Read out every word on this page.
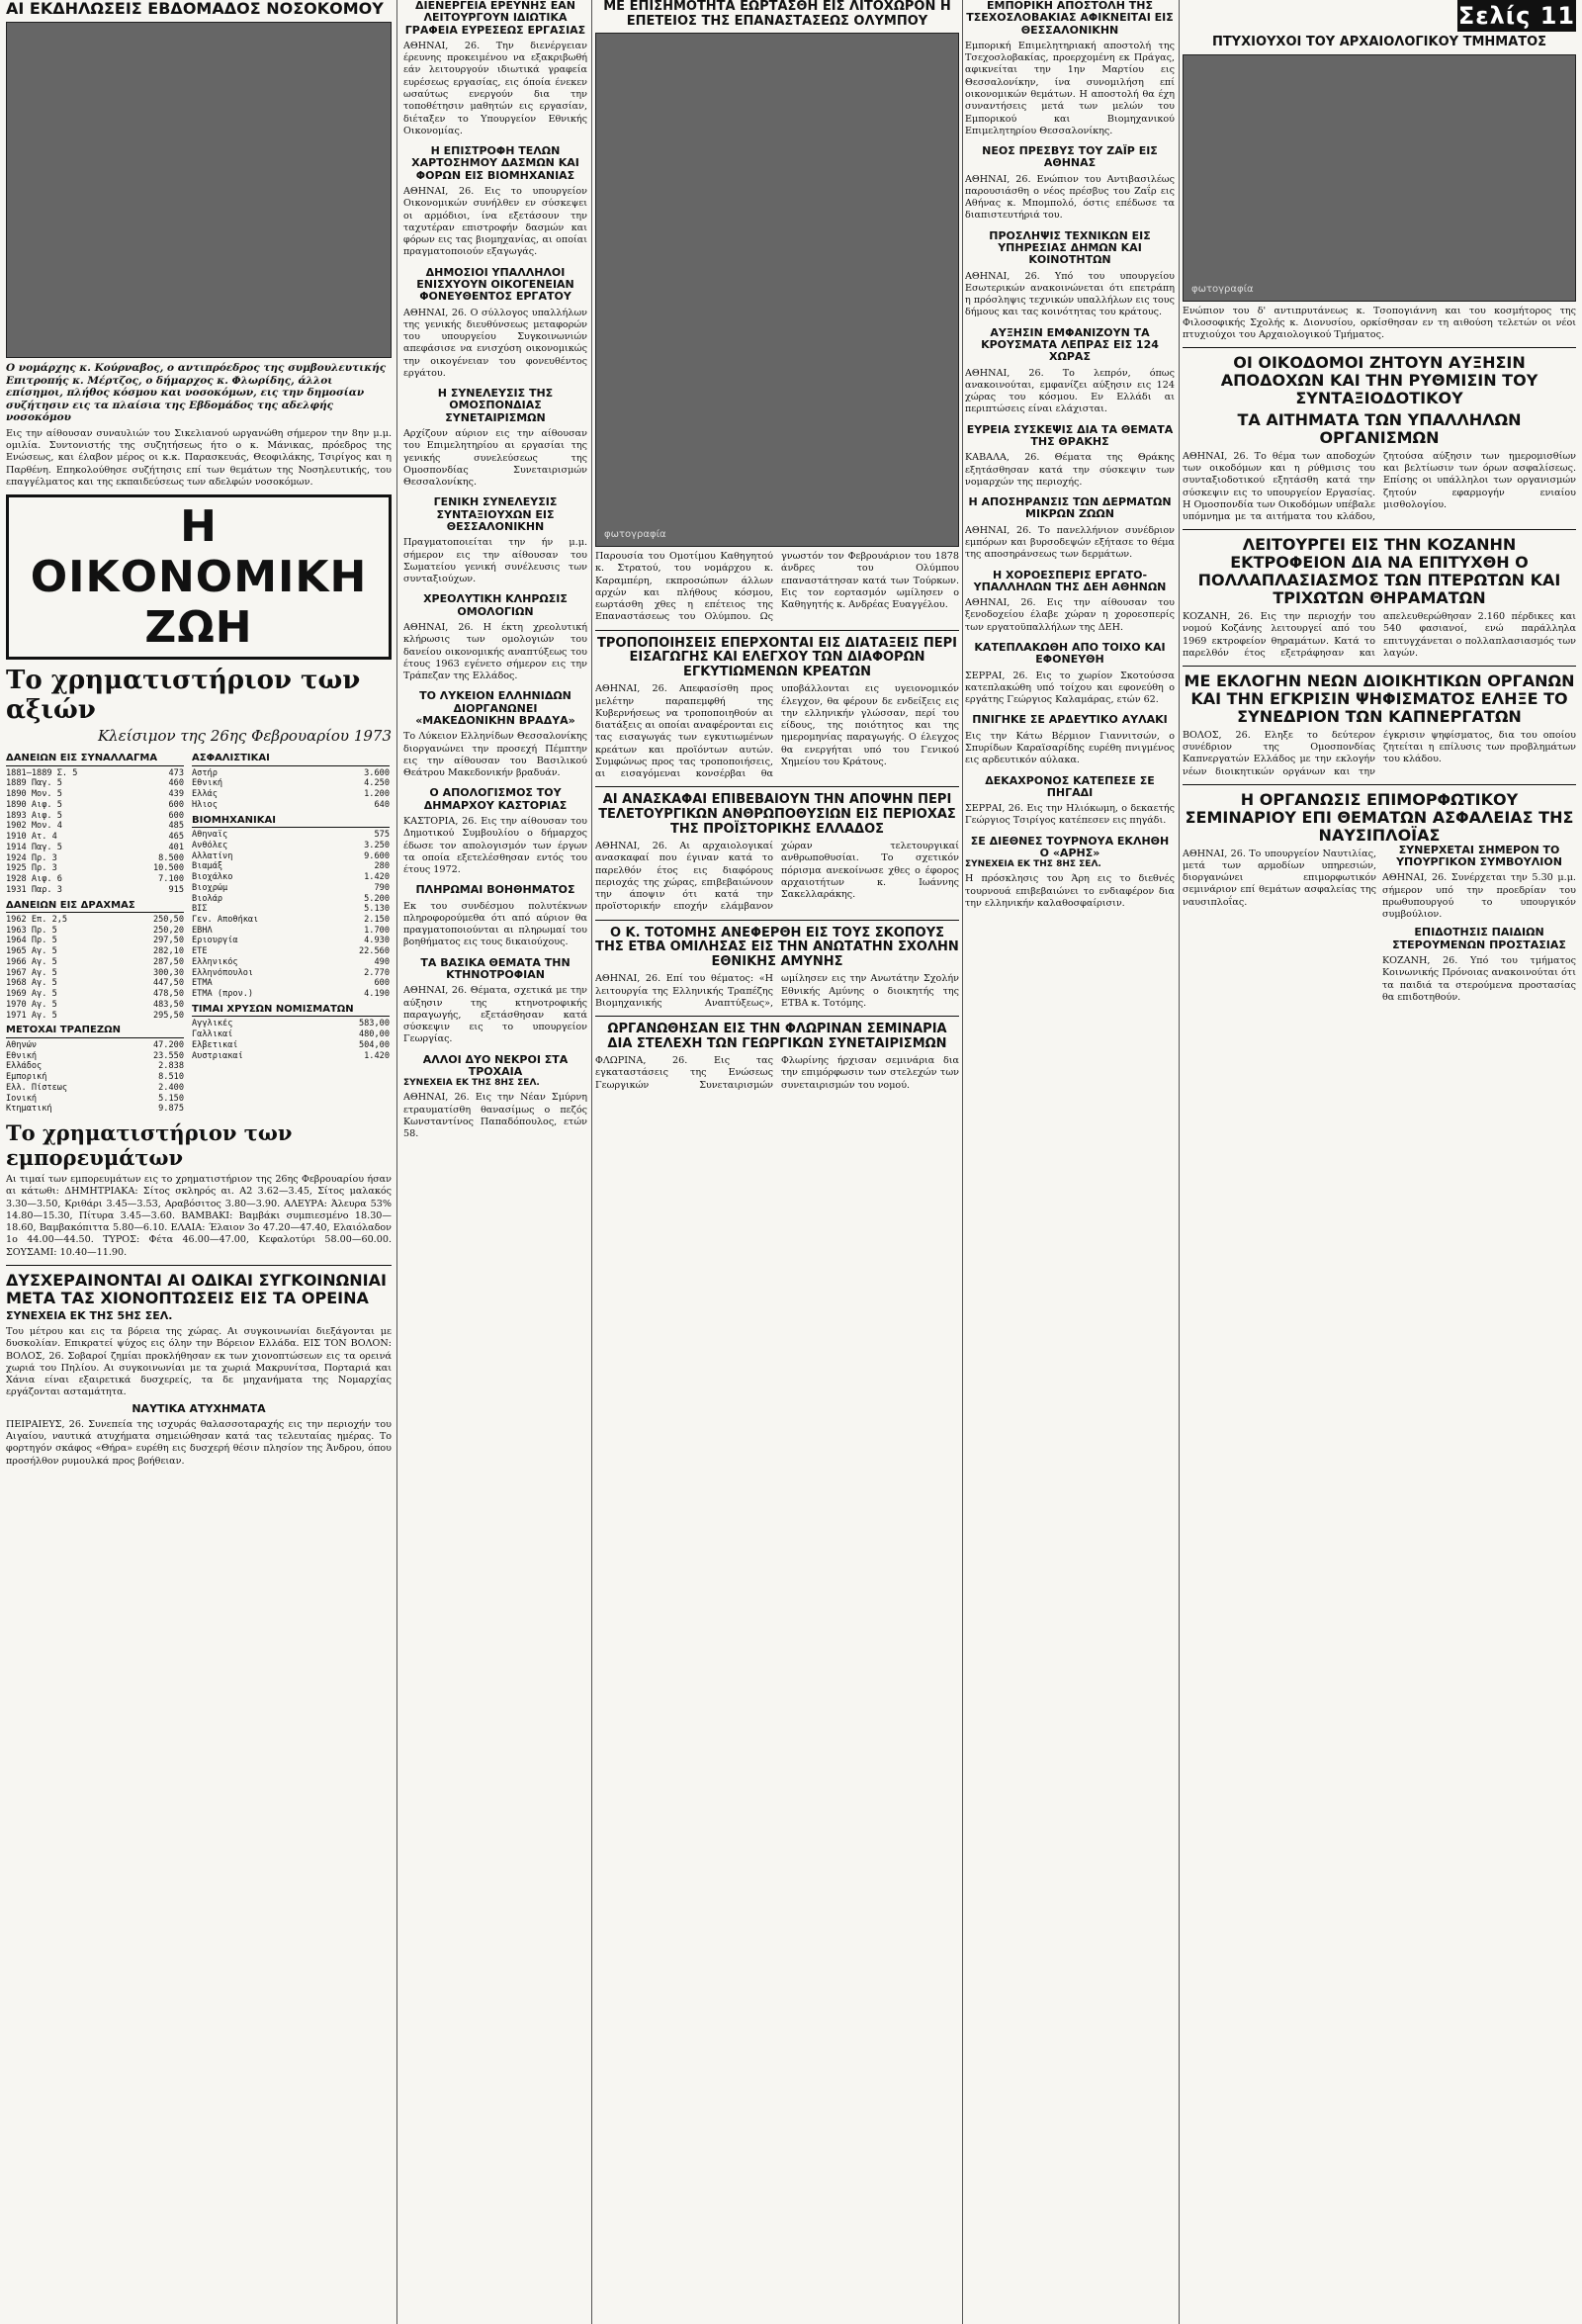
ΑΙ ΕΚΔΗΛΩΣΕΙΣ ΕΒΔΟΜΑΔΟΣ ΝΟΣΟΚΟΜΟΥ
Ο νομάρχης κ. Κούρναβος, ο αντιπρόεδρος της συμβουλευτικής Επιτροπής κ. Μέρτζος, ο δήμαρχος κ. Φλωρίδης, άλλοι επίσημοι, πλήθος κόσμου και νοσοκόμων, εις την δημοσίαν συζήτησιν εις τα πλαίσια της Εβδομάδος της αδελφής νοσοκόμου
Εις την αίθουσαν συναυλιών του Σικελιανού ωργανώθη σήμερον την 8ην μ.μ. ομιλία. Συντονιστής της συζητήσεως ήτο ο κ. Μάνικας, πρόεδρος της Ενώσεως, και έλαβον μέρος οι κ.κ. Παρασκευάς, Θεοφιλάκης, Τσιρίγος και η Παρθένη. Επηκολούθησε συζήτησις επί των θεμάτων της Νοσηλευτικής, του επαγγέλματος και της εκπαιδεύσεως των αδελφών νοσοκόμων.
Η ΟΙΚΟΝΟΜΙΚΗ ΖΩΗ
Το χρηματιστήριον των αξιών
Κλείσιμον της 26ης Φεβρουαρίου 1973
ΔΑΝΕΙΩΝ ΕΙΣ ΣΥΝΑΛΛΑΓΜΑ
1881—1889 Σ. 5	473
1889 Παγ. 5	460
1890 Μον. 5	439
1890 Αιφ. 5	600
1893 Αιφ. 5	600
1902 Μον. 4	485
1910 Ατ. 4	465
1914 Παγ. 5	401
1924 Πρ. 3	8.500
1925 Πρ. 3	10.500
1928 Αιφ. 6	7.100
1931 Παρ. 3	915
ΔΑΝΕΙΩΝ ΕΙΣ ΔΡΑΧΜΑΣ
1962 Επ. 2,5	250,50
1963 Πρ. 5	250,20
1964 Πρ. 5	297,50
1965 Αγ. 5	282,10
1966 Αγ. 5	287,50
1967 Αγ. 5	300,30
1968 Αγ. 5	447,50
1969 Αγ. 5	478,50
1970 Αγ. 5	483,50
1971 Αγ. 5	295,50
ΜΕΤΟΧΑΙ ΤΡΑΠΕΖΩΝ
Αθηνών	47.200
Εθνική	23.550
Ελλάδος	2.838
Εμπορική	8.510
Ελλ. Πίστεως	2.400
Ιονική	5.150
Κτηματική	9.875
ΑΣΦΑΛΙΣΤΙΚΑΙ
Αστήρ	3.600
Εθνική	4.250
Ελλάς	1.200
Ήλιος	640
ΒΙΟΜΗΧΑΝΙΚΑΙ
Αθηναϊς	575
Ανθόλες	3.250
Αλλατίνη	9.600
Βιαμάξ	280
Βιοχάλκο	1.420
Βιοχρώμ	790
Βιολάρ	5.200
ΒΙΣ	5.130
Γεν. Αποθήκαι	2.150
ΕΒΗΛ	1.700
Εριουργία	4.930
ΕΤΕ	22.560
Ελληνικός	490
Ελληνόπουλοι	2.770
ΕΤΜΑ	600
ΕΤΜΑ (προν.)	4.190
ΤΙΜΑΙ ΧΡΥΣΩΝ ΝΟΜΙΣΜΑΤΩΝ
Αγγλικές	583,00
Γαλλικαί	480,00
Ελβετικαί	504,00
Αυστριακαί	1.420
Το χρηματιστήριον των εμπορευμάτων
Αι τιμαί των εμπορευμάτων εις το χρηματιστήριον της 26ης Φεβρουαρίου ήσαν αι κάτωθι: ΔΗΜΗΤΡΙΑΚΑ: Σίτος σκληρός αι. Α2 3.62—3.45, Σίτος μαλακός 3.30—3.50, Κριθάρι 3.45—3.53, Αραβόσιτος 3.80—3.90. ΑΛΕΥΡΑ: Άλευρα 53% 14.80—15.30, Πίτυρα 3.45—3.60. ΒΑΜΒΑΚΙ: Βαμβάκι συμπιεσμένο 18.30—18.60, Βαμβακόπιττα 5.80—6.10. ΕΛΑΙΑ: Έλαιον 3ο 47.20—47.40, Ελαιόλαδον 1ο 44.00—44.50. ΤΥΡΟΣ: Φέτα 46.00—47.00, Κεφαλοτύρι 58.00—60.00. ΣΟΥΣΑΜΙ: 10.40—11.90.
ΔΥΣΧΕΡΑΙΝΟΝΤΑΙ ΑΙ ΟΔΙΚΑΙ ΣΥΓΚΟΙΝΩΝΙΑΙ ΜΕΤΑ ΤΑΣ ΧΙΟΝΟΠΤΩΣΕΙΣ ΕΙΣ ΤΑ ΟΡΕΙΝΑ
ΣΥΝΕΧΕΙΑ ΕΚ ΤΗΣ 5ΗΣ ΣΕΛ.
Του μέτρου και εις τα βόρεια της χώρας. Αι συγκοινωνίαι διεξάγονται με δυσκολίαν. Επικρατεί ψύχος εις όλην την Βόρειον Ελλάδα. ΕΙΣ ΤΟΝ ΒΟΛΟΝ: ΒΟΛΟΣ, 26. Σοβαροί ζημίαι προκλήθησαν εκ των χιονοπτώσεων εις τα ορεινά χωριά του Πηλίου. Αι συγκοινωνίαι με τα χωριά Μακρυνίτσα, Πορταριά και Χάνια είναι εξαιρετικά δυσχερείς, τα δε μηχανήματα της Νομαρχίας εργάζονται ασταμάτητα.
ΝΑΥΤΙΚΑ ΑΤΥΧΗΜΑΤΑ
ΠΕΙΡΑΙΕΥΣ, 26. Συνεπεία της ισχυράς θαλασσοταραχής εις την περιοχήν του Αιγαίου, ναυτικά ατυχήματα σημειώθησαν κατά τας τελευταίας ημέρας. Το φορτηγόν σκάφος «Θήρα» ευρέθη εις δυσχερή θέσιν πλησίον της Άνδρου, όπου προσήλθον ρυμουλκά προς βοήθειαν.
ΔΙΕΝΕΡΓΕΙΑ ΕΡΕΥΝΗΣ ΕΑΝ ΛΕΙΤΟΥΡΓΟΥΝ ΙΔΙΩΤΙΚΑ ΓΡΑΦΕΙΑ ΕΥΡΕΣΕΩΣ ΕΡΓΑΣΙΑΣ
ΑΘΗΝΑΙ, 26. Την διενέργειαν έρευνης προκειμένου να εξακριβωθή εάν λειτουργούν ιδιωτικά γραφεία ευρέσεως εργασίας, εις όποία ένεκεν ωσαύτως ενεργούν δια την τοποθέτησιν μαθητών εις εργασίαν, διέταξεν το Υπουργείον Εθνικής Οικονομίας.
Η ΕΠΙΣΤΡΟΦΗ ΤΕΛΩΝ ΧΑΡΤΟΣΗΜΟΥ ΔΑΣΜΩΝ ΚΑΙ ΦΟΡΩΝ ΕΙΣ ΒΙΟΜΗΧΑΝΙΑΣ
ΑΘΗΝΑΙ, 26. Εις το υπουργείον Οικονομικών συνήλθεν εν σύσκεψει οι αρμόδιοι, ίνα εξετάσουν την ταχυτέραν επιστροφήν δασμών και φόρων εις τας βιομηχανίας, αι οποίαι πραγματοποιούν εξαγωγάς.
ΔΗΜΟΣΙΟΙ ΥΠΑΛΛΗΛΟΙ ΕΝΙΣΧΥΟΥΝ ΟΙΚΟΓΕΝΕΙΑΝ ΦΟΝΕΥΘΕΝΤΟΣ ΕΡΓΑΤΟΥ
ΑΘΗΝΑΙ, 26. Ο σύλλογος υπαλλήλων της γενικής διευθύνσεως μεταφορών του υπουργείου Συγκοινωνιών απεφάσισε να ενισχύση οικονομικώς την οικογένειαν του φονευθέντος εργάτου.
Η ΣΥΝΕΛΕΥΣΙΣ ΤΗΣ ΟΜΟΣΠΟΝΔΙΑΣ ΣΥΝΕΤΑΙΡΙΣΜΩΝ
Αρχίζουν αύριον εις την αίθουσαν του Επιμελητηρίου αι εργασίαι της γενικής συνελεύσεως της Ομοσπονδίας Συνεταιρισμών Θεσσαλονίκης.
ΓΕΝΙΚΗ ΣΥΝΕΛΕΥΣΙΣ ΣΥΝΤΑΞΙΟΥΧΩΝ ΕΙΣ ΘΕΣΣΑΛΟΝΙΚΗΝ
Πραγματοποιείται την ήν μ.μ. σήμερον εις την αίθουσαν του Σωματείου γενική συνέλευσις των συνταξιούχων.
ΧΡΕΟΛΥΤΙΚΗ ΚΛΗΡΩΣΙΣ ΟΜΟΛΟΓΙΩΝ
ΑΘΗΝΑΙ, 26. Η έκτη χρεολυτική κλήρωσις των ομολογιών του δανείου οικονομικής αναπτύξεως του έτους 1963 εγένετο σήμερον εις την Τράπεζαν της Ελλάδος.
ΤΟ ΛΥΚΕΙΟΝ ΕΛΛΗΝΙΔΩΝ ΔΙΟΡΓΑΝΩΝΕΙ «ΜΑΚΕΔΟΝΙΚΗΝ ΒΡΑΔΥΑ»
Το Λύκειον Ελληνίδων Θεσσαλονίκης διοργανώνει την προσεχή Πέμπτην εις την αίθουσαν του Βασιλικού Θεάτρου Μακεδονικήν βραδυάν.
Ο ΑΠΟΛΟΓΙΣΜΟΣ ΤΟΥ ΔΗΜΑΡΧΟΥ ΚΑΣΤΟΡΙΑΣ
ΚΑΣΤΟΡΙΑ, 26. Εις την αίθουσαν του Δημοτικού Συμβουλίου ο δήμαρχος έδωσε τον απολογισμόν των έργων τα οποία εξετελέσθησαν εντός του έτους 1972.
ΠΛΗΡΩΜΑΙ ΒΟΗΘΗΜΑΤΟΣ
Εκ του συνδέσμου πολυτέκνων πληροφορούμεθα ότι από αύριον θα πραγματοποιούνται αι πληρωμαί του βοηθήματος εις τους δικαιούχους.
ΤΑ ΒΑΣΙΚΑ ΘΕΜΑΤΑ ΤΗΝ ΚΤΗΝΟΤΡΟΦΙΑΝ
ΑΘΗΝΑΙ, 26. Θέματα, σχετικά με την αύξησιν της κτηνοτροφικής παραγωγής, εξετάσθησαν κατά σύσκεψιν εις το υπουργείον Γεωργίας.
ΑΛΛΟΙ ΔΥΟ ΝΕΚΡΟΙ ΣΤΑ ΤΡΟΧΑΙΑ
ΣΥΝΕΧΕΙΑ ΕΚ ΤΗΣ 8ΗΣ ΣΕΛ.
ΑΘΗΝΑΙ, 26. Εις την Νέαν Σμύρνη ετραυματίσθη θανασίμως ο πεζός Κωνσταντίνος Παπαδόπουλος, ετών 58.
ΜΕ ΕΠΙΣΗΜΟΤΗΤΑ ΕΩΡΤΑΣΘΗ ΕΙΣ ΛΙΤΟΧΩΡΟΝ Η ΕΠΕΤΕΙΟΣ ΤΗΣ ΕΠΑΝΑΣΤΑΣΕΩΣ ΟΛΥΜΠΟΥ
φωτογραφία
Παρουσία του Ομοτίμου Καθηγητού κ. Στρατού, του νομάρχου κ. Καραμπέρη, εκπροσώπων άλλων αρχών και πλήθους κόσμου, εωρτάσθη χθες η επέτειος της Επαναστάσεως του Ολύμπου. Ως γνωστόν τον Φεβρουάριον του 1878 άνδρες του Ολύμπου επαναστάτησαν κατά των Τούρκων. Εις τον εορτασμόν ωμίλησεν ο Καθηγητής κ. Ανδρέας Ευαγγέλου.
ΤΡΟΠΟΠΟΙΗΣΕΙΣ ΕΠΕΡΧΟΝΤΑΙ ΕΙΣ ΔΙΑΤΑΞΕΙΣ ΠΕΡΙ ΕΙΣΑΓΩΓΗΣ ΚΑΙ ΕΛΕΓΧΟΥ ΤΩΝ ΔΙΑΦΟΡΩΝ ΕΓΚΥΤΙΩΜΕΝΩΝ ΚΡΕΑΤΩΝ
ΑΘΗΝΑΙ, 26. Απεφασίσθη προς μελέτην παραπεμφθή της Κυβερνήσεως να τροποποιηθούν αι διατάξεις αι οποίαι αναφέρονται εις τας εισαγωγάς των εγκυτιωμένων κρεάτων και προϊόντων αυτών. Συμφώνως προς τας τροποποιήσεις, αι εισαγόμεναι κονσέρβαι θα υποβάλλονται εις υγειονομικόν έλεγχον, θα φέρουν δε ενδείξεις εις την ελληνικήν γλώσσαν, περί του είδους, της ποιότητος και της ημερομηνίας παραγωγής. Ο έλεγχος θα ενεργήται υπό του Γενικού Χημείου του Κράτους.
ΑΙ ΑΝΑΣΚΑΦΑΙ ΕΠΙΒΕΒΑΙΟΥΝ ΤΗΝ ΑΠΟΨΗΝ ΠΕΡΙ ΤΕΛΕΤΟΥΡΓΙΚΩΝ ΑΝΘΡΩΠΟΘΥΣΙΩΝ ΕΙΣ ΠΕΡΙΟΧΑΣ ΤΗΣ ΠΡΟΪΣΤΟΡΙΚΗΣ ΕΛΛΑΔΟΣ
ΑΘΗΝΑΙ, 26. Αι αρχαιολογικαί ανασκαφαί που έγιναν κατά το παρελθόν έτος εις διαφόρους περιοχάς της χώρας, επιβεβαιώνουν την άποψιν ότι κατά την προϊστορικήν εποχήν ελάμβανον χώραν τελετουργικαί ανθρωποθυσίαι. Το σχετικόν πόρισμα ανεκοίνωσε χθες ο έφορος αρχαιοτήτων κ. Ιωάννης Σακελλαράκης.
Ο Κ. ΤΟΤΟΜΗΣ ΑΝΕΦΕΡΘΗ ΕΙΣ ΤΟΥΣ ΣΚΟΠΟΥΣ ΤΗΣ ΕΤΒΑ ΟΜΙΛΗΣΑΣ ΕΙΣ ΤΗΝ ΑΝΩΤΑΤΗΝ ΣΧΟΛΗΝ ΕΘΝΙΚΗΣ ΑΜΥΝΗΣ
ΑΘΗΝΑΙ, 26. Επί του θέματος: «Η λειτουργία της Ελληνικής Τραπέζης Βιομηχανικής Αναπτύξεως», ωμίλησεν εις την Ανωτάτην Σχολήν Εθνικής Αμύνης ο διοικητής της ΕΤΒΑ κ. Τοτόμης.
ΩΡΓΑΝΩΘΗΣΑΝ ΕΙΣ ΤΗΝ ΦΛΩΡΙΝΑΝ ΣΕΜΙΝΑΡΙΑ ΔΙΑ ΣΤΕΛΕΧΗ ΤΩΝ ΓΕΩΡΓΙΚΩΝ ΣΥΝΕΤΑΙΡΙΣΜΩΝ
ΦΛΩΡΙΝΑ, 26. Εις τας εγκαταστάσεις της Ενώσεως Γεωργικών Συνεταιρισμών Φλωρίνης ήρχισαν σεμινάρια δια την επιμόρφωσιν των στελεχών των συνεταιρισμών του νομού.
ΕΜΠΟΡΙΚΗ ΑΠΟΣΤΟΛΗ ΤΗΣ ΤΣΕΧΟΣΛΟΒΑΚΙΑΣ ΑΦΙΚΝΕΙΤΑΙ ΕΙΣ ΘΕΣΣΑΛΟΝΙΚΗΝ
Εμπορική Επιμελητηριακή αποστολή της Τσεχοσλοβακίας, προερχομένη εκ Πράγας, αφικνείται την 1ην Μαρτίου εις Θεσσαλονίκην, ίνα συνομιλήση επί οικονομικών θεμάτων. Η αποστολή θα έχη συναντήσεις μετά των μελών του Εμπορικού και Βιομηχανικού Επιμελητηρίου Θεσσαλονίκης.
ΝΕΟΣ ΠΡΕΣΒΥΣ ΤΟΥ ΖΑΪΡ ΕΙΣ ΑΘΗΝΑΣ
ΑΘΗΝΑΙ, 26. Ενώπιον του Αντιβασιλέως παρουσιάσθη ο νέος πρέσβυς του Ζαΐρ εις Αθήνας κ. Μπομπολό, όστις επέδωσε τα διαπιστευτήριά του.
ΠΡΟΣΛΗΨΙΣ ΤΕΧΝΙΚΩΝ ΕΙΣ ΥΠΗΡΕΣΙΑΣ ΔΗΜΩΝ ΚΑΙ ΚΟΙΝΟΤΗΤΩΝ
ΑΘΗΝΑΙ, 26. Υπό του υπουργείου Εσωτερικών ανακοινώνεται ότι επετράπη η πρόσληψις τεχνικών υπαλλήλων εις τους δήμους και τας κοινότητας του κράτους.
ΑΥΞΗΣΙΝ ΕΜΦΑΝΙΖΟΥΝ ΤΑ ΚΡΟΥΣΜΑΤΑ ΛΕΠΡΑΣ ΕΙΣ 124 ΧΩΡΑΣ
ΑΘΗΝΑΙ, 26. Το λεπρόν, όπως ανακοινούται, εμφανίζει αύξησιν εις 124 χώρας του κόσμου. Εν Ελλάδι αι περιπτώσεις είναι ελάχισται.
ΕΥΡΕΙΑ ΣΥΣΚΕΨΙΣ ΔΙΑ ΤΑ ΘΕΜΑΤΑ ΤΗΣ ΘΡΑΚΗΣ
ΚΑΒΑΛΑ, 26. Θέματα της Θράκης εξητάσθησαν κατά την σύσκεψιν των νομαρχών της περιοχής.
Η ΑΠΟΣΗΡΑΝΣΙΣ ΤΩΝ ΔΕΡΜΑΤΩΝ ΜΙΚΡΩΝ ΖΩΩΝ
ΑΘΗΝΑΙ, 26. Το πανελλήνιον συνέδριον εμπόρων και βυρσοδεψών εξήτασε το θέμα της αποσηράνσεως των δερμάτων.
Η ΧΟΡΟΕΣΠΕΡΙΣ ΕΡΓΑΤΟ-ΥΠΑΛΛΗΛΩΝ ΤΗΣ ΔΕΗ ΑΘΗΝΩΝ
ΑΘΗΝΑΙ, 26. Εις την αίθουσαν του ξενοδοχείου έλαβε χώραν η χοροεσπερίς των εργατοϋπαλλήλων της ΔΕΗ.
ΚΑΤΕΠΛΑΚΩΘΗ ΑΠΟ ΤΟΙΧΟ ΚΑΙ ΕΦΟΝΕΥΘΗ
ΣΕΡΡΑΙ, 26. Εις το χωρίον Σκοτούσσα κατεπλακώθη υπό τοίχου και εφονεύθη ο εργάτης Γεώργιος Καλαμάρας, ετών 62.
ΠΝΙΓΗΚΕ ΣΕ ΑΡΔΕΥΤΙΚΟ ΑΥΛΑΚΙ
Εις την Κάτω Βέρμιον Γιαννιτσών, ο Σπυρίδων Καραϊσαρίδης ευρέθη πνιγμένος εις αρδευτικόν αύλακα.
ΔΕΚΑΧΡΟΝΟΣ ΚΑΤΕΠΕΣΕ ΣΕ ΠΗΓΑΔΙ
ΣΕΡΡΑΙ, 26. Εις την Ηλιόκωμη, ο δεκαετής Γεώργιος Τσιρίγος κατέπεσεν εις πηγάδι.
ΣΕ ΔΙΕΘΝΕΣ ΤΟΥΡΝΟΥΑ ΕΚΛΗΘΗ Ο «ΑΡΗΣ»
ΣΥΝΕΧΕΙΑ ΕΚ ΤΗΣ 8ΗΣ ΣΕΛ.
Η πρόσκλησις του Άρη εις το διεθνές τουρνουά επιβεβαιώνει το ενδιαφέρον δια την ελληνικήν καλαθοσφαίρισιν.
Σελίς 11
ΠΤΥΧΙΟΥΧΟΙ ΤΟΥ ΑΡΧΑΙΟΛΟΓΙΚΟΥ ΤΜΗΜΑΤΟΣ
φωτογραφία
Ενώπιον του δ' αντιπρυτάνεως κ. Τσοπογιάννη και του κοσμήτορος της Φιλοσοφικής Σχολής κ. Διονυσίου, ορκίσθησαν εν τη αιθούση τελετών οι νέοι πτυχιούχοι του Αρχαιολογικού Τμήματος.
ΟΙ ΟΙΚΟΔΟΜΟΙ ΖΗΤΟΥΝ ΑΥΞΗΣΙΝ ΑΠΟΔΟΧΩΝ ΚΑΙ ΤΗΝ ΡΥΘΜΙΣΙΝ ΤΟΥ ΣΥΝΤΑΞΙΟΔΟΤΙΚΟΥ
ΤΑ ΑΙΤΗΜΑΤΑ ΤΩΝ ΥΠΑΛΛΗΛΩΝ ΟΡΓΑΝΙΣΜΩΝ
ΑΘΗΝΑΙ, 26. Το θέμα των αποδοχών των οικοδόμων και η ρύθμισις του συνταξιοδοτικού εξητάσθη κατά την σύσκεψιν εις το υπουργείον Εργασίας. Η Ομοσπονδία των Οικοδόμων υπέβαλε υπόμνημα με τα αιτήματα του κλάδου, ζητούσα αύξησιν των ημερομισθίων και βελτίωσιν των όρων ασφαλίσεως. Επίσης οι υπάλληλοι των οργανισμών ζητούν εφαρμογήν ενιαίου μισθολογίου.
ΛΕΙΤΟΥΡΓΕΙ ΕΙΣ ΤΗΝ ΚΟΖΑΝΗΝ ΕΚΤΡΟΦΕΙΟΝ ΔΙΑ ΝΑ ΕΠΙΤΥΧΘΗ Ο ΠΟΛΛΑΠΛΑΣΙΑΣΜΟΣ ΤΩΝ ΠΤΕΡΩΤΩΝ ΚΑΙ ΤΡΙΧΩΤΩΝ ΘΗΡΑΜΑΤΩΝ
ΚΟΖΑΝΗ, 26. Εις την περιοχήν του νομού Κοζάνης λειτουργεί από του 1969 εκτροφείον θηραμάτων. Κατά το παρελθόν έτος εξετράφησαν και απελευθερώθησαν 2.160 πέρδικες και 540 φασιανοί, ενώ παράλληλα επιτυγχάνεται ο πολλαπλασιασμός των λαγών.
ΜΕ ΕΚΛΟΓΗΝ ΝΕΩΝ ΔΙΟΙΚΗΤΙΚΩΝ ΟΡΓΑΝΩΝ ΚΑΙ ΤΗΝ ΕΓΚΡΙΣΙΝ ΨΗΦΙΣΜΑΤΟΣ ΕΛΗΞΕ ΤΟ ΣΥΝΕΔΡΙΟΝ ΤΩΝ ΚΑΠΝΕΡΓΑΤΩΝ
ΒΟΛΟΣ, 26. Εληξε το δεύτερον συνέδριον της Ομοσπονδίας Καπνεργατών Ελλάδος με την εκλογήν νέων διοικητικών οργάνων και την έγκρισιν ψηφίσματος, δια του οποίου ζητείται η επίλυσις των προβλημάτων του κλάδου.
Η ΟΡΓΑΝΩΣΙΣ ΕΠΙΜΟΡΦΩΤΙΚΟΥ ΣΕΜΙΝΑΡΙΟΥ ΕΠΙ ΘΕΜΑΤΩΝ ΑΣΦΑΛΕΙΑΣ ΤΗΣ ΝΑΥΣΙΠΛΟΪΑΣ
ΑΘΗΝΑΙ, 26. Το υπουργείον Ναυτιλίας, μετά των αρμοδίων υπηρεσιών, διοργανώνει επιμορφωτικόν σεμινάριον επί θεμάτων ασφαλείας της ναυσιπλοΐας.
ΣΥΝΕΡΧΕΤΑΙ ΣΗΜΕΡΟΝ ΤΟ ΥΠΟΥΡΓΙΚΟΝ ΣΥΜΒΟΥΛΙΟΝ
ΑΘΗΝΑΙ, 26. Συνέρχεται την 5.30 μ.μ. σήμερον υπό την προεδρίαν του πρωθυπουργού το υπουργικόν συμβούλιον.
ΕΠΙΔΟΤΗΣΙΣ ΠΑΙΔΙΩΝ ΣΤΕΡΟΥΜΕΝΩΝ ΠΡΟΣΤΑΣΙΑΣ
ΚΟΖΑΝΗ, 26. Υπό του τμήματος Κοινωνικής Πρόνοιας ανακοινούται ότι τα παιδιά τα στερούμενα προστασίας θα επιδοτηθούν.
